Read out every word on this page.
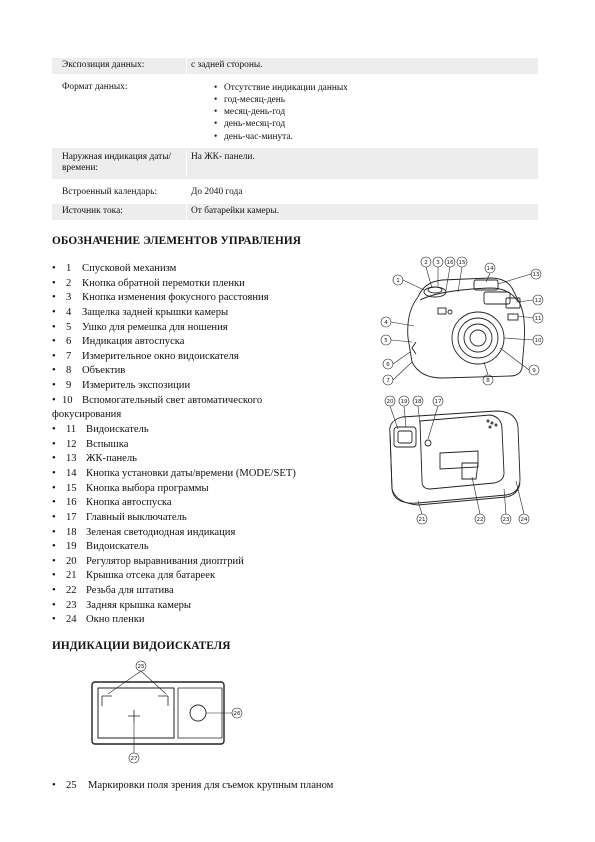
Экспозиция данных:	с задней стороны.
Формат данных:
•	Отсутствие индикации данных
• год-месяц-день
• месяц-день-год
• день-месяц-год
• день-час-минута.
Наружная индикация даты/времени:
На ЖК- панели.
Встроенный календарь:	До 2040 года
Источник тока:	От батарейки камеры.
ОБОЗНАЧЕНИЕ ЭЛЕМЕНТОВ УПРАВЛЕНИЯ
• 1 Спусковой механизм
• 2 Кнопка обратной перемотки пленки
• 3 Кнопка изменения фокусного расстояния
• 4 Защелка задней крышки камеры
• 5 Ушко для ремешка для ношения
• 6 Индикация автоспуска
• 7 Измерительное окно видоискателя
• 8 Объектив
• 9 Измеритель экспозиции
• 10 Вспомогательный свет автоматического фокусирования
• 11 Видоискатель
• 12 Вспышка
• 13 ЖК-панель
• 14 Кнопка установки даты/времени (MODE/SET)
• 15 Кнопка выбора программы
• 16 Кнопка автоспуска
• 17 Главный выключатель
• 18 Зеленая светодиодная индикация
• 19 Видоискатель
• 20 Регулятор выравнивания диоптрий
• 21 Крышка отсека для батареек
• 22 Резьба для штатива
• 23 Задняя крышка камеры
• 24 Окно пленки
1
2 3 16 15
14
13
12
11
10
9
8
7
6
5
4
20 19 18 17
21	22	23 24
ИНДИКАЦИИ ВИДОИСКАТЕЛЯ
25
26
27
• 25 Маркировки поля зрения для съемок крупным планом
